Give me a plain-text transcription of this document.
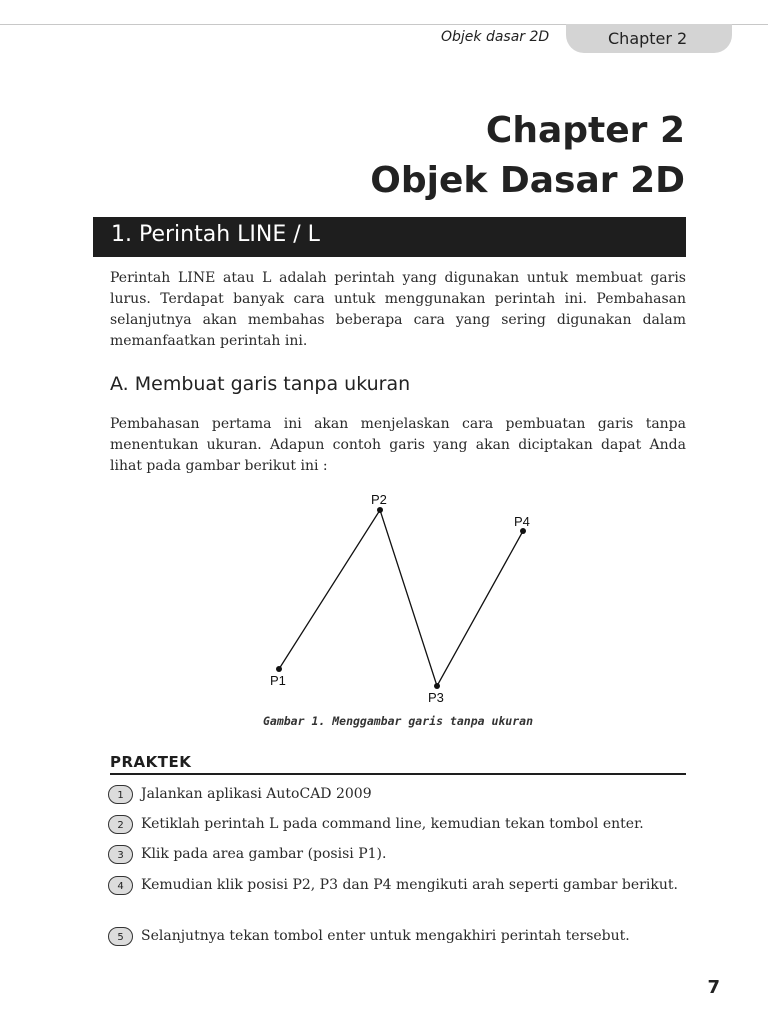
Objek dasar 2D	Chapter 2
Chapter 2
Objek Dasar 2D
1. Perintah LINE / L
Perintah LINE atau L adalah perintah yang digunakan untuk membuat garis lurus. Terdapat banyak cara untuk menggunakan perintah ini. Pembahasan selanjutnya akan membahas beberapa cara yang sering digunakan dalam memanfaatkan perintah ini.
A. Membuat garis tanpa ukuran
Pembahasan pertama ini akan menjelaskan cara pembuatan garis tanpa menentukan ukuran. Adapun contoh garis yang akan diciptakan dapat Anda lihat pada gambar berikut ini :
P1
P2
P3
P4
Gambar 1. Menggambar garis tanpa ukuran
PRAKTEK
1	Jalankan aplikasi AutoCAD 2009
2	Ketiklah perintah L pada command line, kemudian tekan tombol enter.
3	Klik pada area gambar (posisi P1).
4	Kemudian klik posisi P2, P3 dan P4 mengikuti arah seperti gambar berikut.
5	Selanjutnya tekan tombol enter untuk mengakhiri perintah tersebut.
7
